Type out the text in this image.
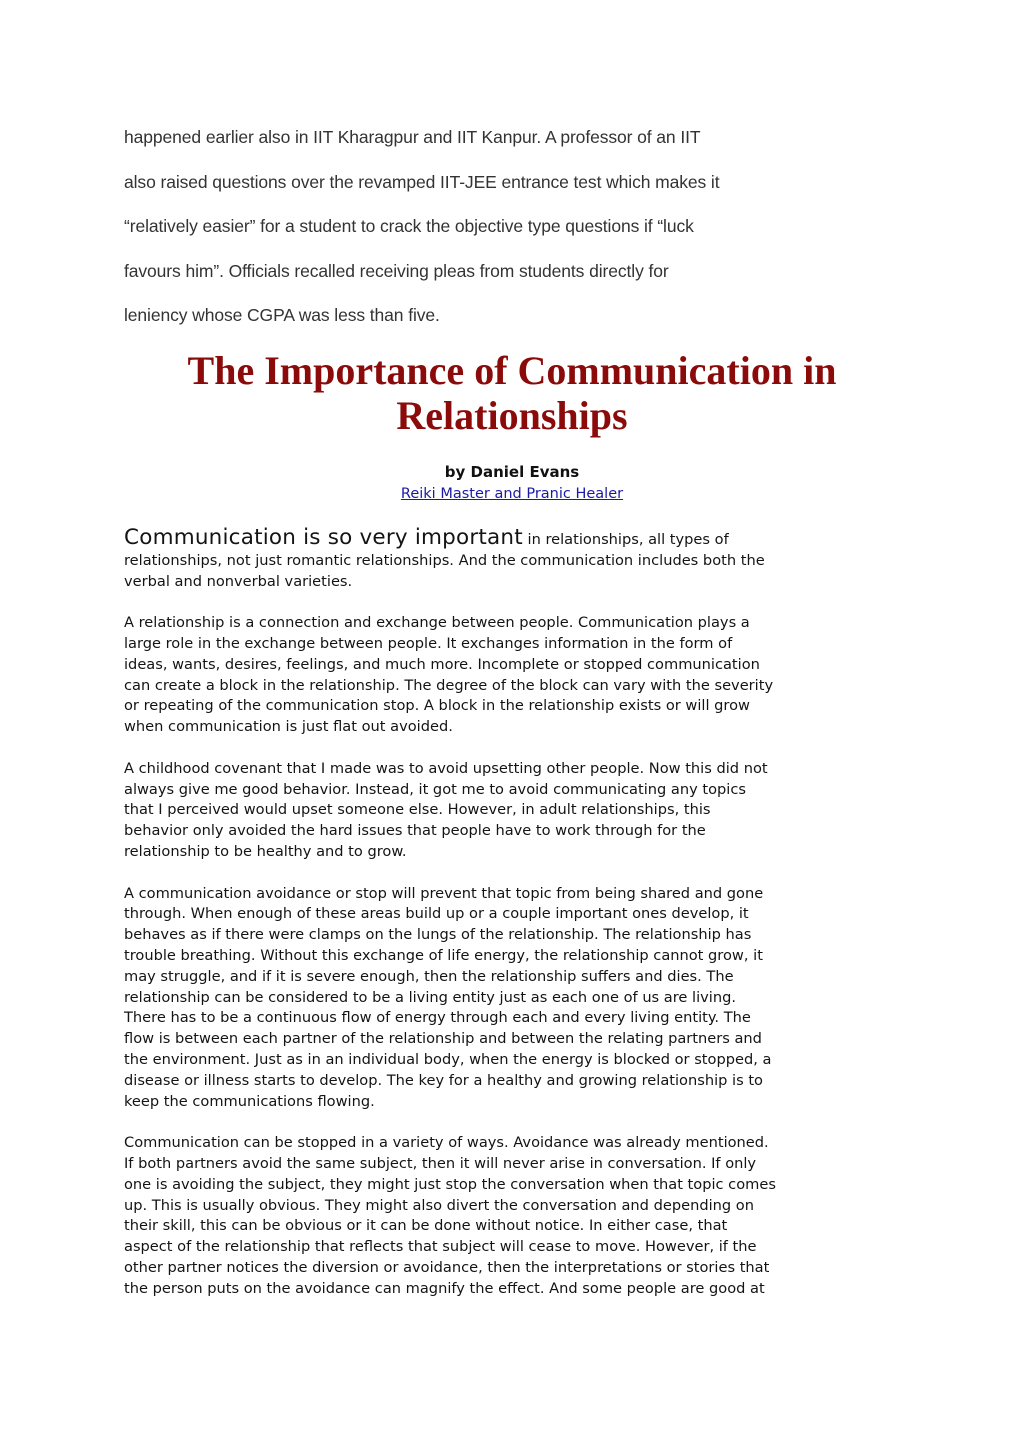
happened earlier also in IIT Kharagpur and IIT Kanpur. A professor of an IIT
also raised questions over the revamped IIT-JEE entrance test which makes it
“relatively easier” for a student to crack the objective type questions if “luck
favours him”. Officials recalled receiving pleas from students directly for
leniency whose CGPA was less than five.
The Importance of Communication in
Relationships
by Daniel Evans
Reiki Master and Pranic Healer

Communication is so very important in relationships, all types of
relationships, not just romantic relationships. And the communication includes both the
verbal and nonverbal varieties.

A relationship is a connection and exchange between people. Communication plays a
large role in the exchange between people. It exchanges information in the form of
ideas, wants, desires, feelings, and much more. Incomplete or stopped communication
can create a block in the relationship. The degree of the block can vary with the severity
or repeating of the communication stop. A block in the relationship exists or will grow
when communication is just flat out avoided.

A childhood covenant that I made was to avoid upsetting other people. Now this did not
always give me good behavior. Instead, it got me to avoid communicating any topics
that I perceived would upset someone else. However, in adult relationships, this
behavior only avoided the hard issues that people have to work through for the
relationship to be healthy and to grow.

A communication avoidance or stop will prevent that topic from being shared and gone
through. When enough of these areas build up or a couple important ones develop, it
behaves as if there were clamps on the lungs of the relationship. The relationship has
trouble breathing. Without this exchange of life energy, the relationship cannot grow, it
may struggle, and if it is severe enough, then the relationship suffers and dies. The
relationship can be considered to be a living entity just as each one of us are living.
There has to be a continuous flow of energy through each and every living entity. The
flow is between each partner of the relationship and between the relating partners and
the environment. Just as in an individual body, when the energy is blocked or stopped, a
disease or illness starts to develop. The key for a healthy and growing relationship is to
keep the communications flowing.

Communication can be stopped in a variety of ways. Avoidance was already mentioned.
If both partners avoid the same subject, then it will never arise in conversation. If only
one is avoiding the subject, they might just stop the conversation when that topic comes
up. This is usually obvious. They might also divert the conversation and depending on
their skill, this can be obvious or it can be done without notice. In either case, that
aspect of the relationship that reflects that subject will cease to move. However, if the
other partner notices the diversion or avoidance, then the interpretations or stories that
the person puts on the avoidance can magnify the effect. And some people are good at
